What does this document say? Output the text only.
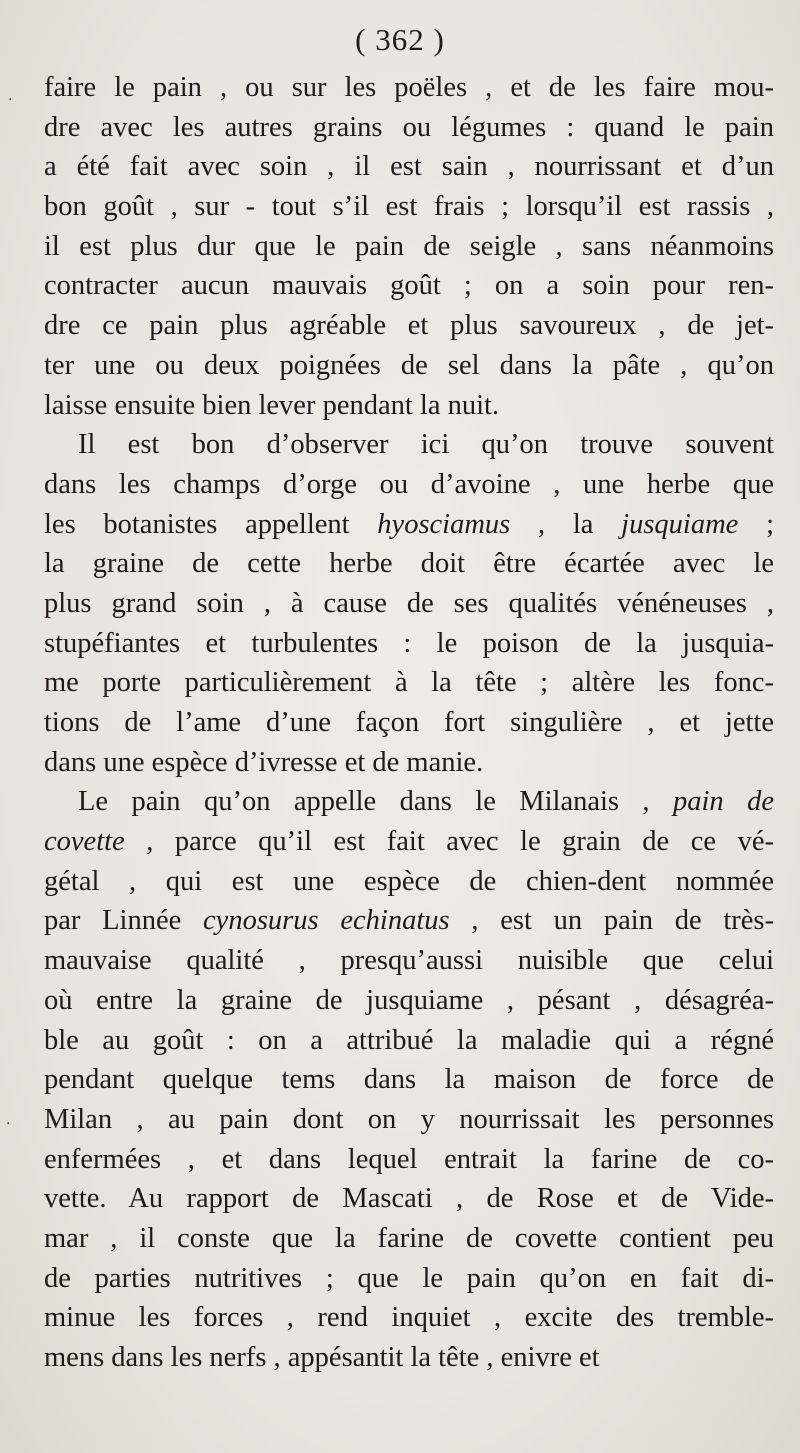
( 362 )
·
·
faire le pain , ou sur les poëles , et de les faire mou-
dre avec les autres grains ou légumes : quand le pain
a été fait avec soin , il est sain , nourrissant et d’un
bon goût , sur - tout s’il est frais ; lorsqu’il est rassis ,
il est plus dur que le pain de seigle , sans néanmoins
contracter aucun mauvais goût ; on a soin pour ren-
dre ce pain plus agréable et plus savoureux , de jet-
ter une ou deux poignées de sel dans la pâte , qu’on
laisse ensuite bien lever pendant la nuit.
Il est bon d’observer ici qu’on trouve souvent
dans les champs d’orge ou d’avoine , une herbe que
les botanistes appellent hyosciamus , la jusquiame ;
la graine de cette herbe doit être écartée avec le
plus grand soin , à cause de ses qualités vénéneuses ,
stupéfiantes et turbulentes : le poison de la jusquia-
me porte particulièrement à la tête ; altère les fonc-
tions de l’ame d’une façon fort singulière , et jette
dans une espèce d’ivresse et de manie.
Le pain qu’on appelle dans le Milanais , pain de
covette , parce qu’il est fait avec le grain de ce vé-
gétal , qui est une espèce de chien-dent nommée
par Linnée cynosurus echinatus , est un pain de très-
mauvaise qualité , presqu’aussi nuisible que celui
où entre la graine de jusquiame , pésant , désagréa-
ble au goût : on a attribué la maladie qui a régné
pendant quelque tems dans la maison de force de
Milan , au pain dont on y nourrissait les personnes
enfermées , et dans lequel entrait la farine de co-
vette. Au rapport de Mascati , de Rose et de Vide-
mar , il conste que la farine de covette contient peu
de parties nutritives ; que le pain qu’on en fait di-
minue les forces , rend inquiet , excite des tremble-
mens dans les nerfs , appésantit la tête , enivre et
